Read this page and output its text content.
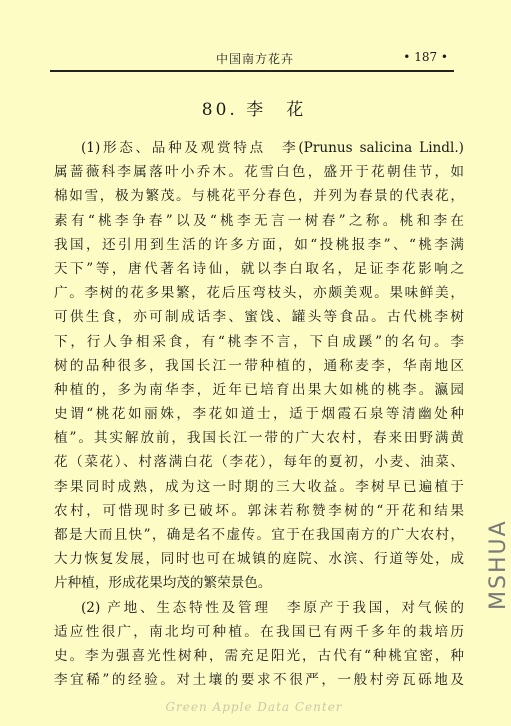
中国南方花卉	• 187 •
80. 李　花
(1)形态、品种及观赏特点　李(Prunus salicina Lindl.)
属蔷薇科李属落叶小乔木。花雪白色，盛开于花朝佳节，如
棉如雪，极为繁茂。与桃花平分春色，并列为春景的代表花，
素有“桃李争春”以及“桃李无言一树春”之称。桃和李在
我国，还引用到生活的许多方面，如“投桃报李”、“桃李满
天下”等，唐代著名诗仙，就以李白取名，足证李花影响之
广。李树的花多果繁，花后压弯枝头，亦颇美观。果味鲜美，
可供生食，亦可制成话李、蜜饯、罐头等食品。古代桃李树
下，行人争相采食，有“桃李不言，下自成蹊”的名句。李
树的品种很多，我国长江一带种植的，通称麦李，华南地区
种植的，多为南华李，近年已培育出果大如桃的桃李。瀛园
史谓“桃花如丽姝，李花如道士，适于烟霞石泉等清幽处种
植”。其实解放前，我国长江一带的广大农村，春来田野满黄
花（菜花）、村落满白花（李花），每年的夏初，小麦、油菜、
李果同时成熟，成为这一时期的三大收益。李树早已遍植于
农村，可惜现时多已破坏。郭沫若称赞李树的“开花和结果
都是大而且快”，确是名不虚传。宜于在我国南方的广大农村，
大力恢复发展，同时也可在城镇的庭院、水滨、行道等处，成
片种植，形成花果均茂的繁荣景色。
(2) 产地、生态特性及管理　李原产于我国，对气候的
适应性很广，南北均可种植。在我国已有两千多年的栽培历
史。李为强喜光性树种，需充足阳光，古代有“种桃宜密，种
李宜稀”的经验。对土壤的要求不很严，一般村旁瓦砾地及
Green Apple Data Center
MSHUA
